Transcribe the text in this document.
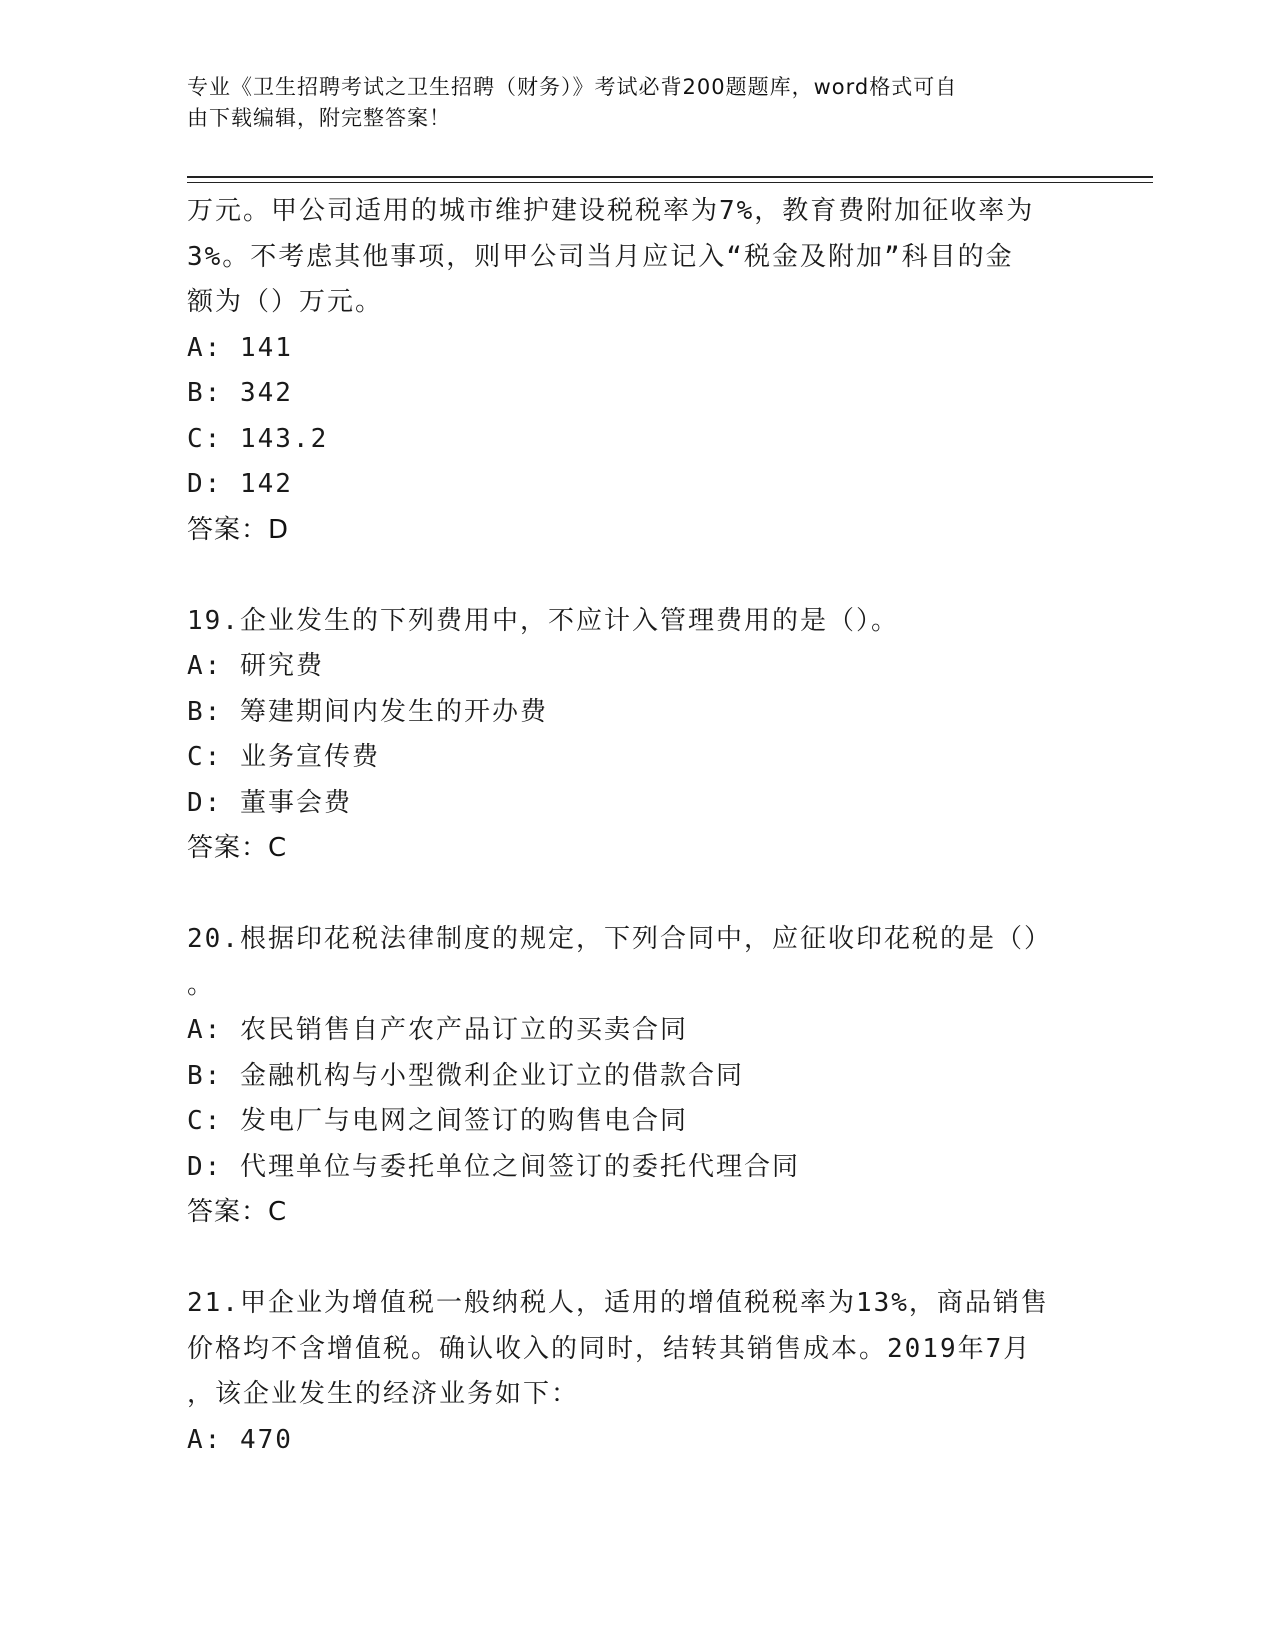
专业《卫生招聘考试之卫生招聘（财务）》考试必背200题题库，word格式可自
由下载编辑，附完整答案！
万元。甲公司适用的城市维护建设税税率为7%，教育费附加征收率为
3%。不考虑其他事项，则甲公司当月应记入“税金及附加”科目的金
额为（）万元。
A: 141
B: 342
C: 143.2
D: 142
答案：D
19.企业发生的下列费用中，不应计入管理费用的是（）。
A: 研究费
B: 筹建期间内发生的开办费
C: 业务宣传费
D: 董事会费
答案：C
20.根据印花税法律制度的规定，下列合同中，应征收印花税的是（）
。
A: 农民销售自产农产品订立的买卖合同
B: 金融机构与小型微利企业订立的借款合同
C: 发电厂与电网之间签订的购售电合同
D: 代理单位与委托单位之间签订的委托代理合同
答案：C
21.甲企业为增值税一般纳税人，适用的增值税税率为13%，商品销售
价格均不含增值税。确认收入的同时，结转其销售成本。2019年7月
，该企业发生的经济业务如下：
A: 470
